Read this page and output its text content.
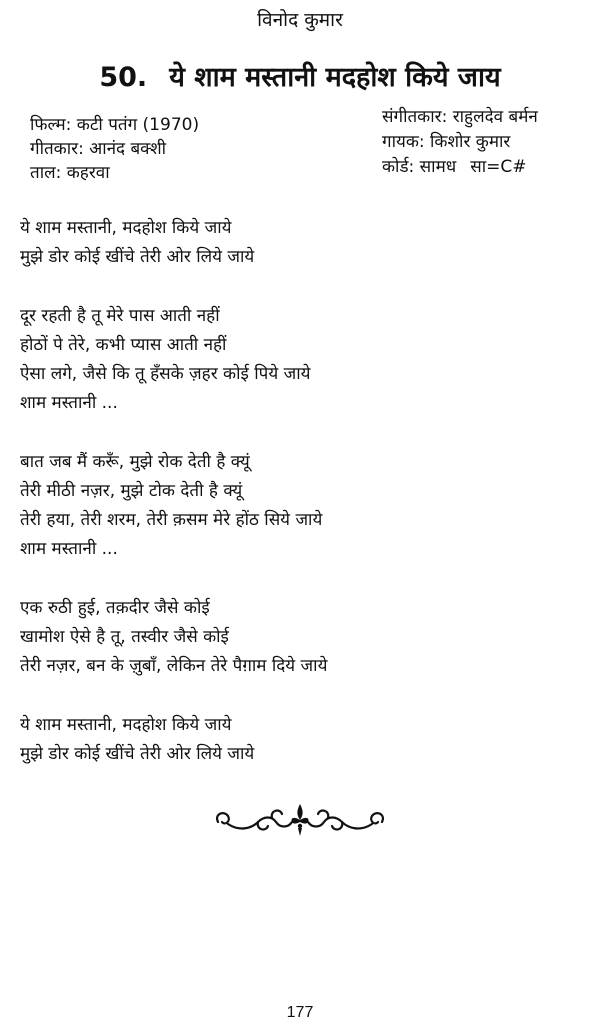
विनोद कुमार
50. ये शाम मस्तानी मदहोश किये जाय
फिल्म: कटी पतंग (1970)
गीतकार: आनंद बक्शी
ताल: कहरवा
संगीतकार: राहुलदेव बर्मन
गायक: किशोर कुमार
कोर्ड: सामध सा=C#
ये शाम मस्तानी, मदहोश किये जाये
मुझे डोर कोई खींचे तेरी ओर लिये जाये
दूर रहती है तू मेरे पास आती नहीं
होठों पे तेरे, कभी प्यास आती नहीं
ऐसा लगे, जैसे कि तू हँसके ज़हर कोई पिये जाये
शाम मस्तानी ...
बात जब मैं करूँ, मुझे रोक देती है क्यूं
तेरी मीठी नज़र, मुझे टोक देती है क्यूं
तेरी हया, तेरी शरम, तेरी क़सम मेरे होंठ सिये जाये
शाम मस्तानी ...
एक रुठी हुई, तक़दीर जैसे कोई
खामोश ऐसे है तू, तस्वीर जैसे कोई
तेरी नज़र, बन के ज़ुबाँ, लेकिन तेरे पैग़ाम दिये जाये
ये शाम मस्तानी, मदहोश किये जाये
मुझे डोर कोई खींचे तेरी ओर लिये जाये
177
